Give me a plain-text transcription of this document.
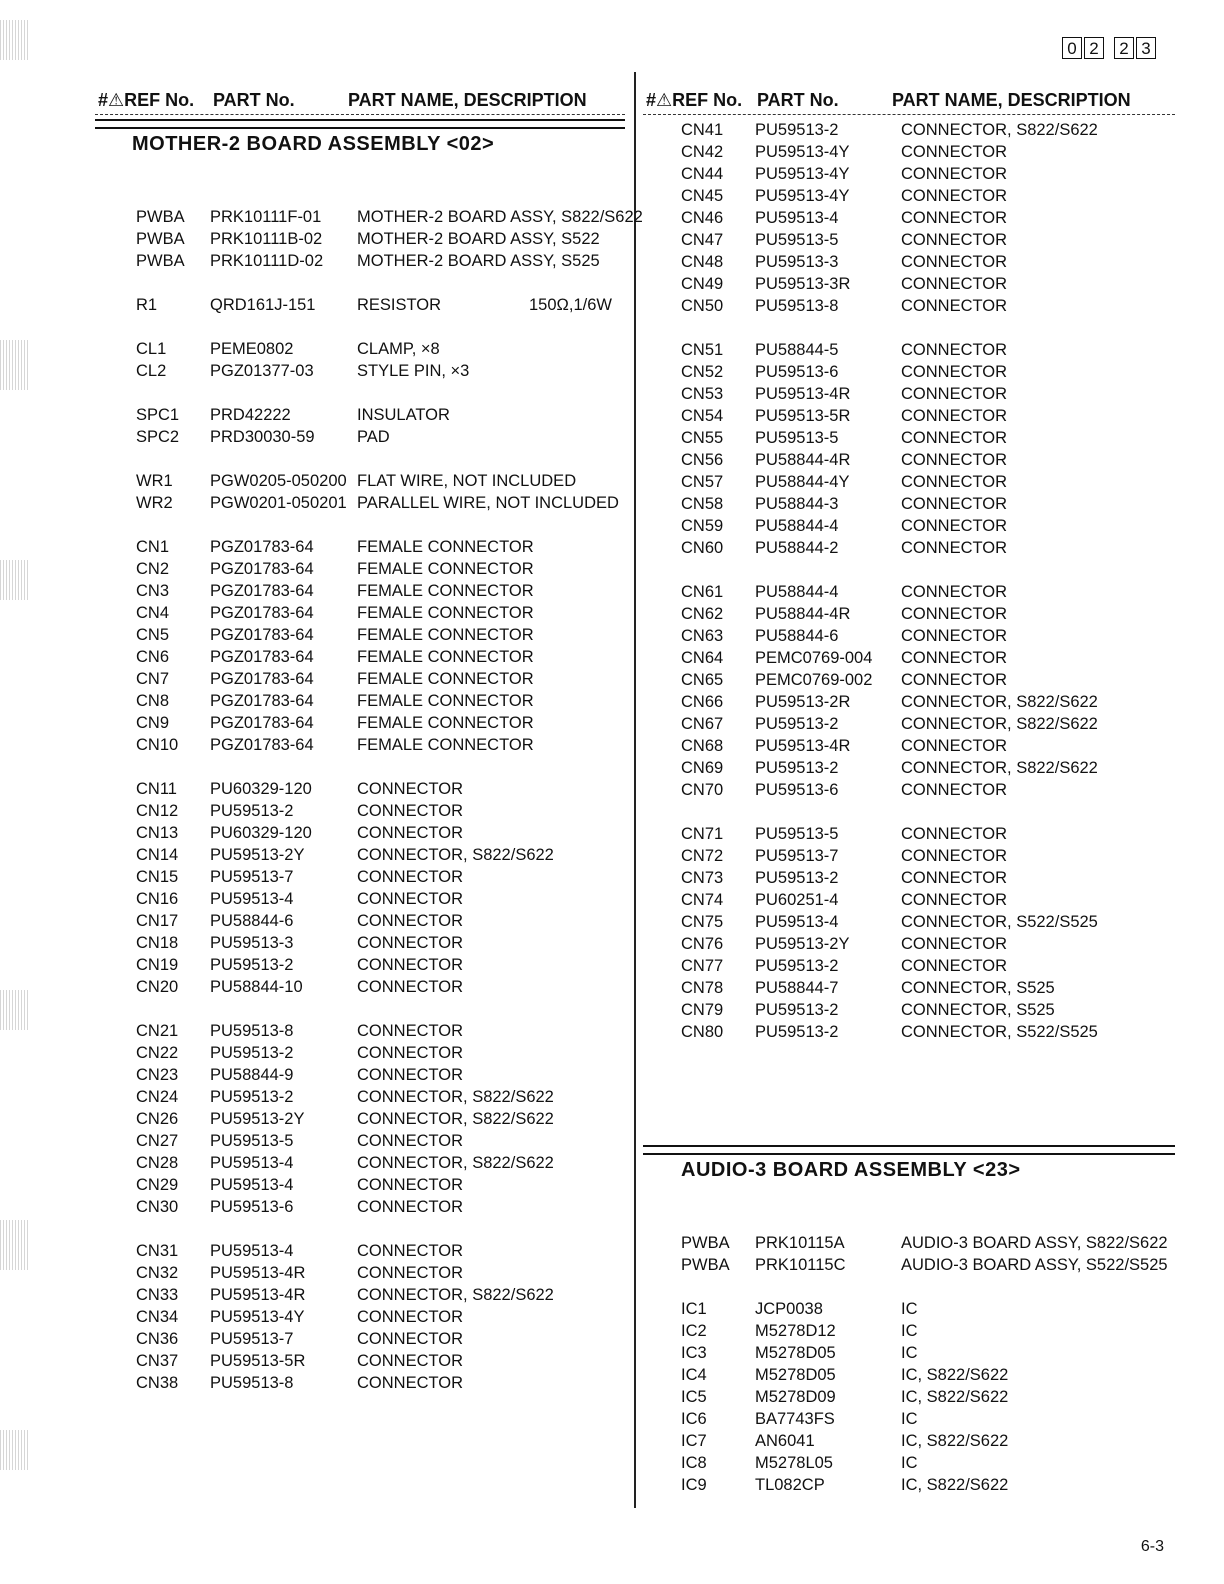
0 2	2 3
#⚠REF No. PART No.	PART NAME, DESCRIPTION
MOTHER-2 BOARD ASSEMBLY <02>
PWBA PRK10111F-01 MOTHER-2 BOARD ASSY, S822/S622
PWBA PRK10111B-02 MOTHER-2 BOARD ASSY, S522
PWBA PRK10111D-02 MOTHER-2 BOARD ASSY, S525
R1	QRD161J-151	RESISTOR	150Ω,1/6W
CL1	PEME0802	CLAMP, ×8
CL2	PGZ01377-03	STYLE PIN, ×3
SPC1 PRD42222	INSULATOR
SPC2 PRD30030-59	PAD
WR1 PGW0205-050200 FLAT WIRE, NOT INCLUDED
WR2 PGW0201-050201 PARALLEL WIRE, NOT INCLUDED
CN1 PGZ01783-64	FEMALE CONNECTOR
CN2 PGZ01783-64	FEMALE CONNECTOR
CN3 PGZ01783-64	FEMALE CONNECTOR
CN4 PGZ01783-64	FEMALE CONNECTOR
CN5 PGZ01783-64	FEMALE CONNECTOR
CN6 PGZ01783-64	FEMALE CONNECTOR
CN7 PGZ01783-64	FEMALE CONNECTOR
CN8 PGZ01783-64	FEMALE CONNECTOR
CN9 PGZ01783-64	FEMALE CONNECTOR
CN10 PGZ01783-64	FEMALE CONNECTOR
CN11 PU60329-120	CONNECTOR
CN12 PU59513-2	CONNECTOR
CN13 PU60329-120	CONNECTOR
CN14 PU59513-2Y	CONNECTOR, S822/S622
CN15 PU59513-7	CONNECTOR
CN16 PU59513-4	CONNECTOR
CN17 PU58844-6	CONNECTOR
CN18 PU59513-3	CONNECTOR
CN19 PU59513-2	CONNECTOR
CN20 PU58844-10	CONNECTOR
CN21 PU59513-8	CONNECTOR
CN22 PU59513-2	CONNECTOR
CN23 PU58844-9	CONNECTOR
CN24 PU59513-2	CONNECTOR, S822/S622
CN26 PU59513-2Y	CONNECTOR, S822/S622
CN27 PU59513-5	CONNECTOR
CN28 PU59513-4	CONNECTOR, S822/S622
CN29 PU59513-4	CONNECTOR
CN30 PU59513-6	CONNECTOR
CN31 PU59513-4	CONNECTOR
CN32 PU59513-4R	CONNECTOR
CN33 PU59513-4R	CONNECTOR, S822/S622
CN34 PU59513-4Y	CONNECTOR
CN36 PU59513-7	CONNECTOR
CN37 PU59513-5R	CONNECTOR
CN38 PU59513-8	CONNECTOR
#⚠REF No. PART No.	PART NAME, DESCRIPTION
CN41 PU59513-2	CONNECTOR, S822/S622
CN42 PU59513-4Y	CONNECTOR
CN44 PU59513-4Y	CONNECTOR
CN45 PU59513-4Y	CONNECTOR
CN46 PU59513-4	CONNECTOR
CN47 PU59513-5	CONNECTOR
CN48 PU59513-3	CONNECTOR
CN49 PU59513-3R	CONNECTOR
CN50 PU59513-8	CONNECTOR
CN51 PU58844-5	CONNECTOR
CN52 PU59513-6	CONNECTOR
CN53 PU59513-4R	CONNECTOR
CN54 PU59513-5R	CONNECTOR
CN55 PU59513-5	CONNECTOR
CN56 PU58844-4R	CONNECTOR
CN57 PU58844-4Y	CONNECTOR
CN58 PU58844-3	CONNECTOR
CN59 PU58844-4	CONNECTOR
CN60 PU58844-2	CONNECTOR
CN61 PU58844-4	CONNECTOR
CN62 PU58844-4R	CONNECTOR
CN63 PU58844-6	CONNECTOR
CN64 PEMC0769-004 CONNECTOR
CN65 PEMC0769-002 CONNECTOR
CN66 PU59513-2R	CONNECTOR, S822/S622
CN67 PU59513-2	CONNECTOR, S822/S622
CN68 PU59513-4R	CONNECTOR
CN69 PU59513-2	CONNECTOR, S822/S622
CN70 PU59513-6	CONNECTOR
CN71 PU59513-5	CONNECTOR
CN72 PU59513-7	CONNECTOR
CN73 PU59513-2	CONNECTOR
CN74 PU60251-4	CONNECTOR
CN75 PU59513-4	CONNECTOR, S522/S525
CN76 PU59513-2Y	CONNECTOR
CN77 PU59513-2	CONNECTOR
CN78 PU58844-7	CONNECTOR, S525
CN79 PU59513-2	CONNECTOR, S525
CN80 PU59513-2	CONNECTOR, S522/S525
AUDIO-3 BOARD ASSEMBLY <23>
PWBA PRK10115A	AUDIO-3 BOARD ASSY, S822/S622
PWBA PRK10115C	AUDIO-3 BOARD ASSY, S522/S525
IC1	JCP0038	IC
IC2	M5278D12	IC
IC3	M5278D05	IC
IC4	M5278D05	IC, S822/S622
IC5	M5278D09	IC, S822/S622
IC6	BA7743FS	IC
IC7	AN6041	IC, S822/S622
IC8	M5278L05	IC
IC9	TL082CP	IC, S822/S622
6-3
